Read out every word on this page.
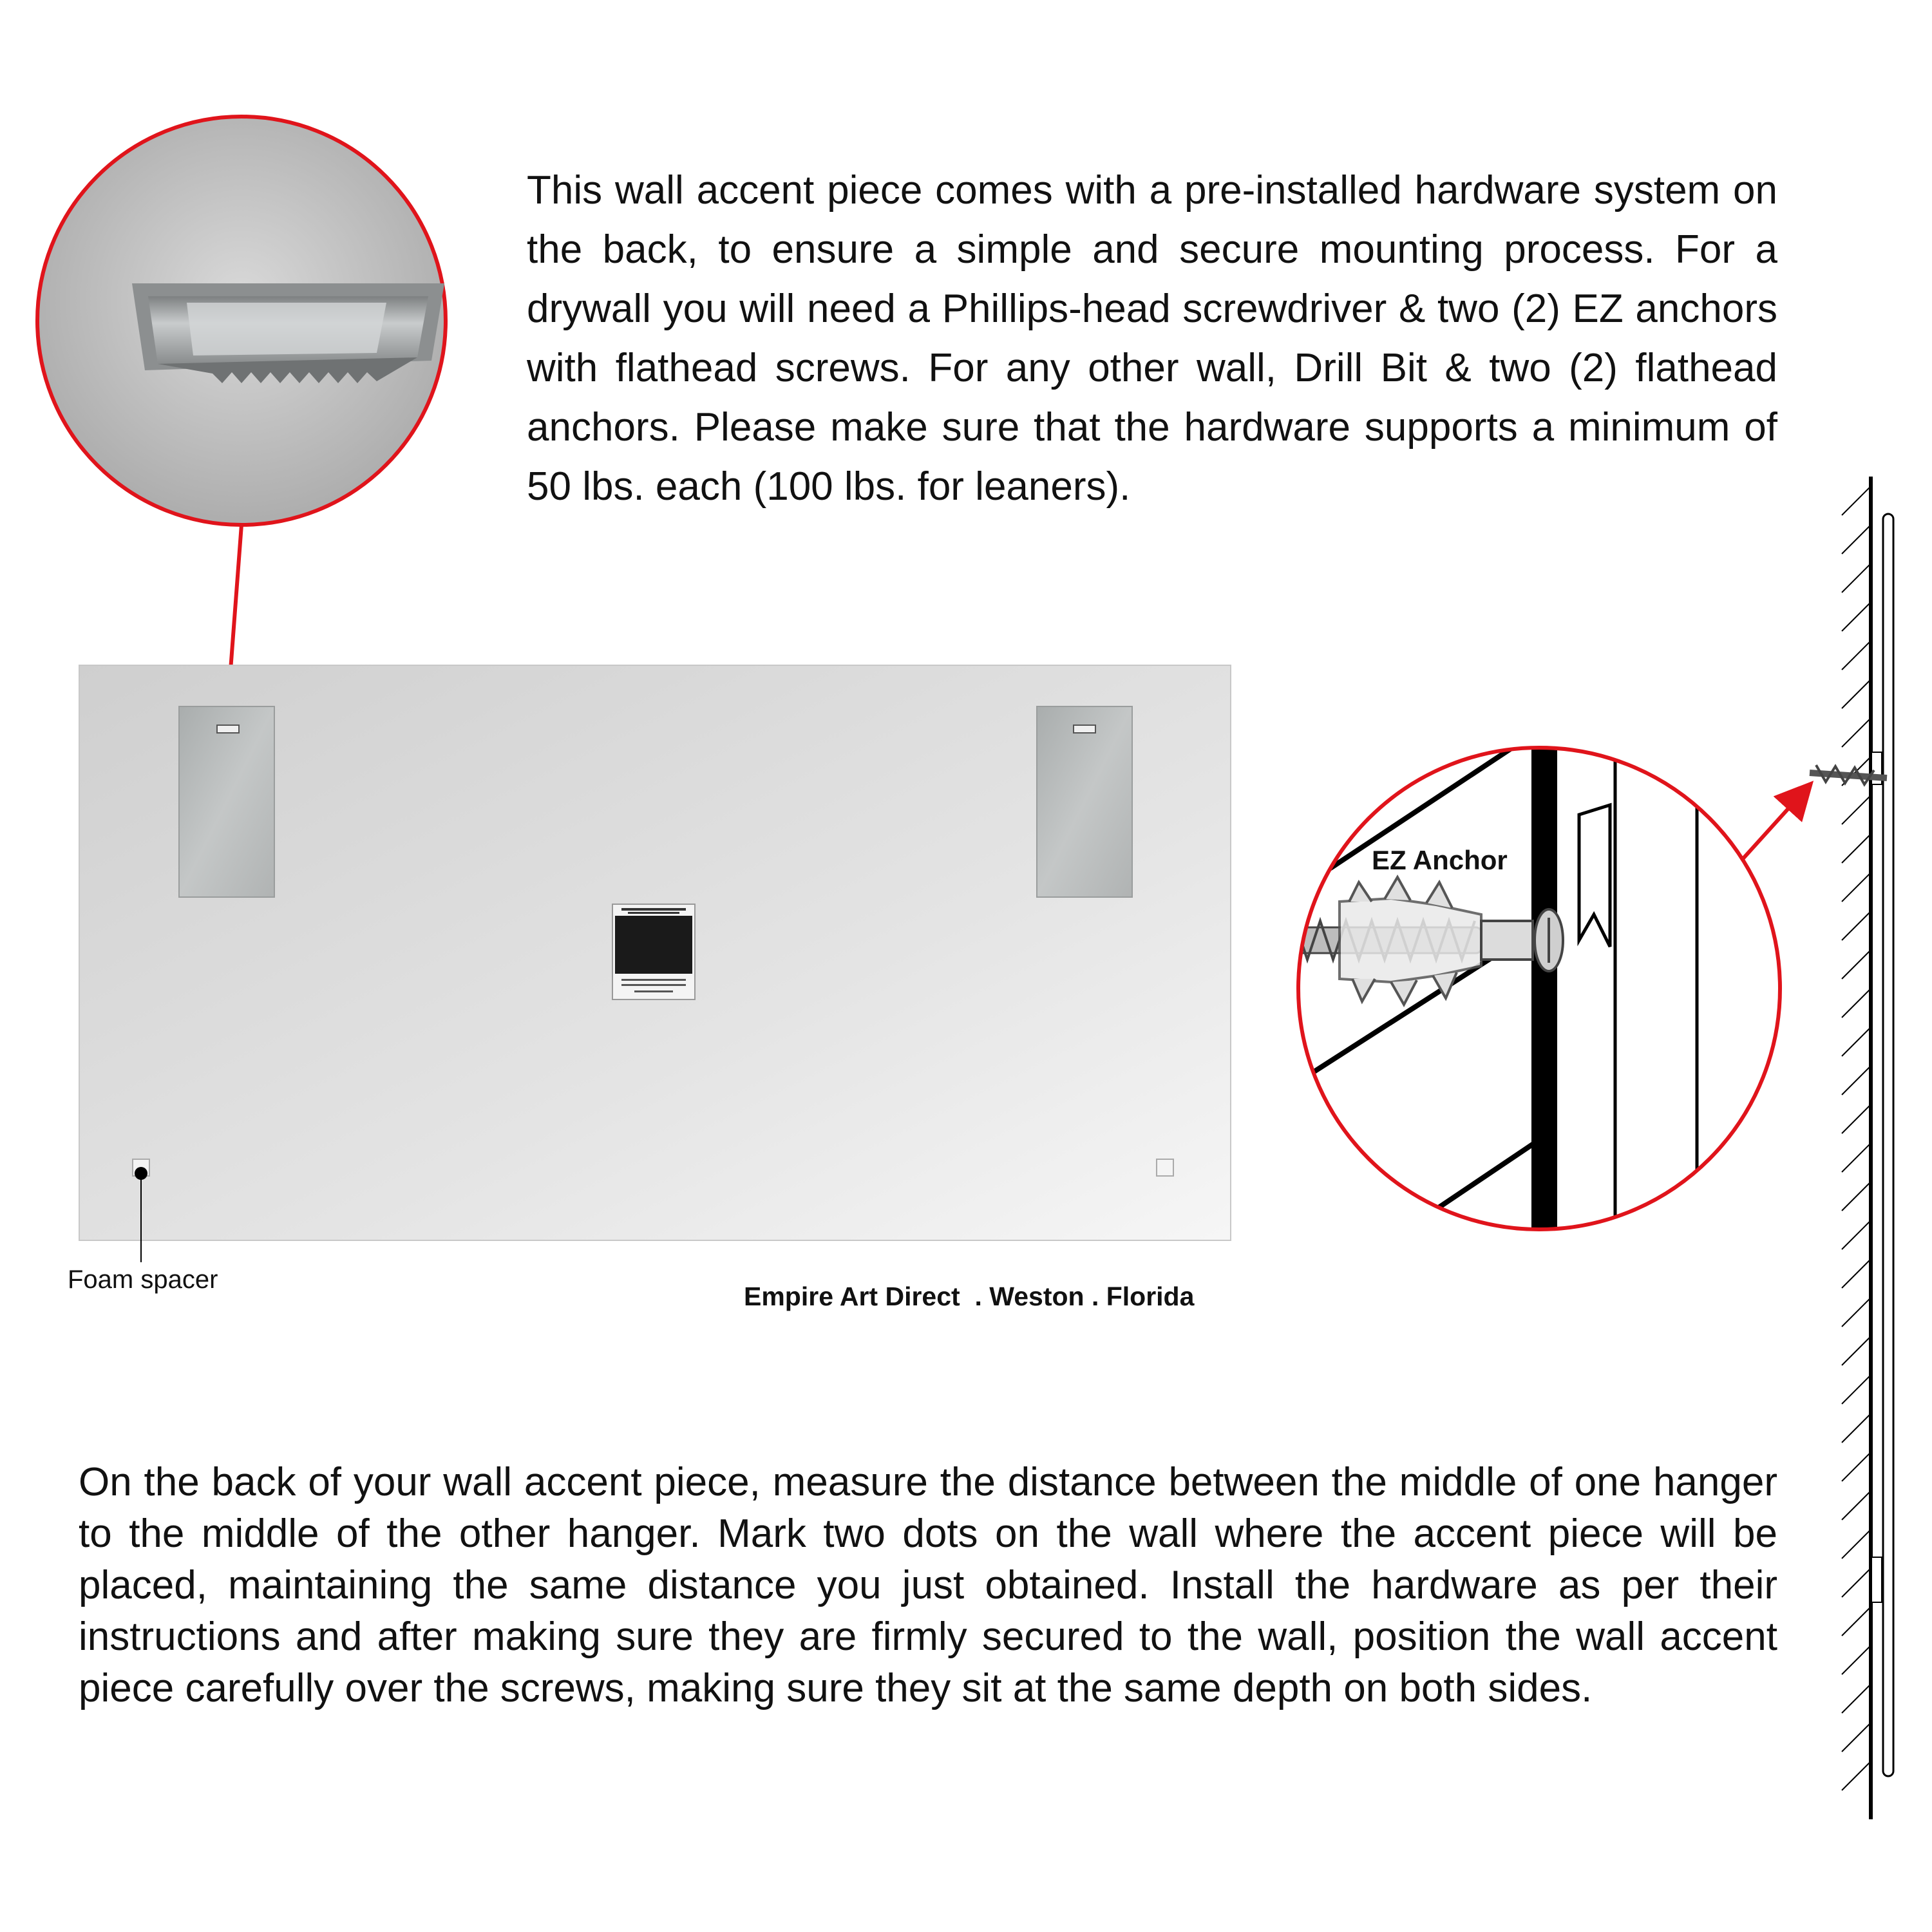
This wall accent piece comes with a pre-installed hardware system on the back, to ensure a simple and secure mounting process. For a drywall you will need a Phillips-head screwdriver & two (2) EZ anchors with flathead screws. For any other wall, Drill Bit & two (2) flathead anchors. Please make sure that the hardware supports a minimum of 50 lbs. each (100 lbs. for leaners).

EZ Anchor
Foam spacer
Empire Art Direct  . Weston . Florida

On the back of your wall accent piece, measure the distance between the middle of one hanger to the middle of the other hanger. Mark two dots on the wall where the accent piece will be placed, maintaining the same distance you just obtained. Install the hardware as per their instructions and after making sure they are firmly secured to the wall, position the wall accent piece carefully over the screws, making sure they sit at the same depth on both sides.
